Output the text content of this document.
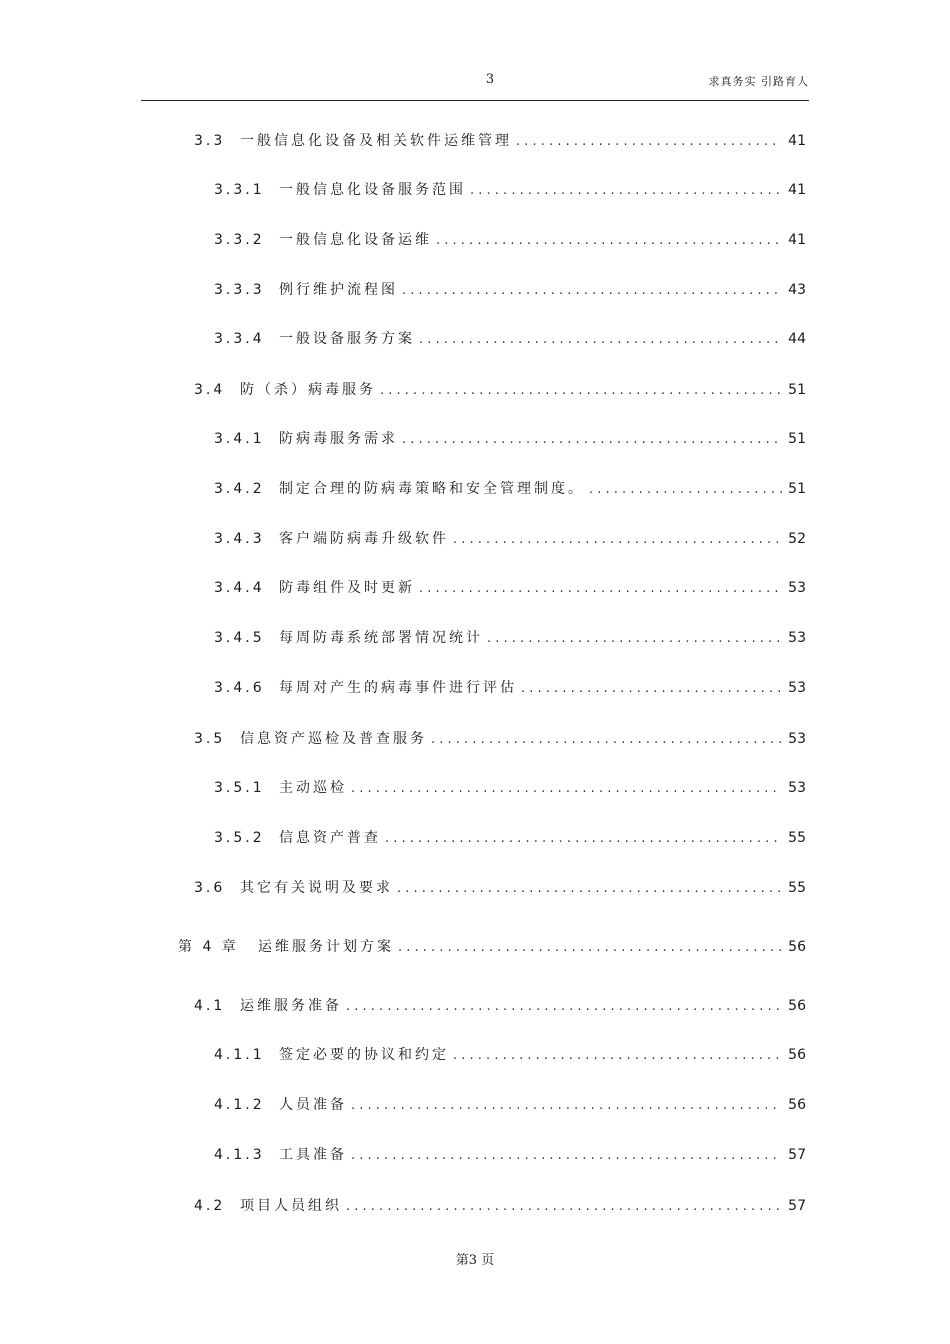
3	求真务实 引路育人
3.3	一般信息化设备及相关软件运维管理 . . .	41
3.3.1	一般信息化设备服务范围 . . .	41
3.3.2	一般信息化设备运维 . . .	41
3.3.3	例行维护流程图 . . .	43
3.3.4	一般设备服务方案 . . .	44
3.4	防（杀）病毒服务 . . .	51
3.4.1	防病毒服务需求 . . .	51
3.4.2	制定合理的防病毒策略和安全管理制度。 . . .	51
3.4.3	客户端防病毒升级软件 . . .	52
3.4.4	防毒组件及时更新 . . .	53
3.4.5	每周防毒系统部署情况统计 . . .	53
3.4.6	每周对产生的病毒事件进行评估 . . .	53
3.5	信息资产巡检及普查服务 . . .	53
3.5.1	主动巡检 . . .	53
3.5.2	信息资产普查 . . .	55
3.6	其它有关说明及要求 . . .	55
第 4 章	运维服务计划方案 . . .	56
4.1	运维服务准备 . . .	56
4.1.1	签定必要的协议和约定 . . .	56
4.1.2	人员准备 . . .	56
4.1.3	工具准备 . . .	57
4.2	项目人员组织 . . .	57
第3 页
